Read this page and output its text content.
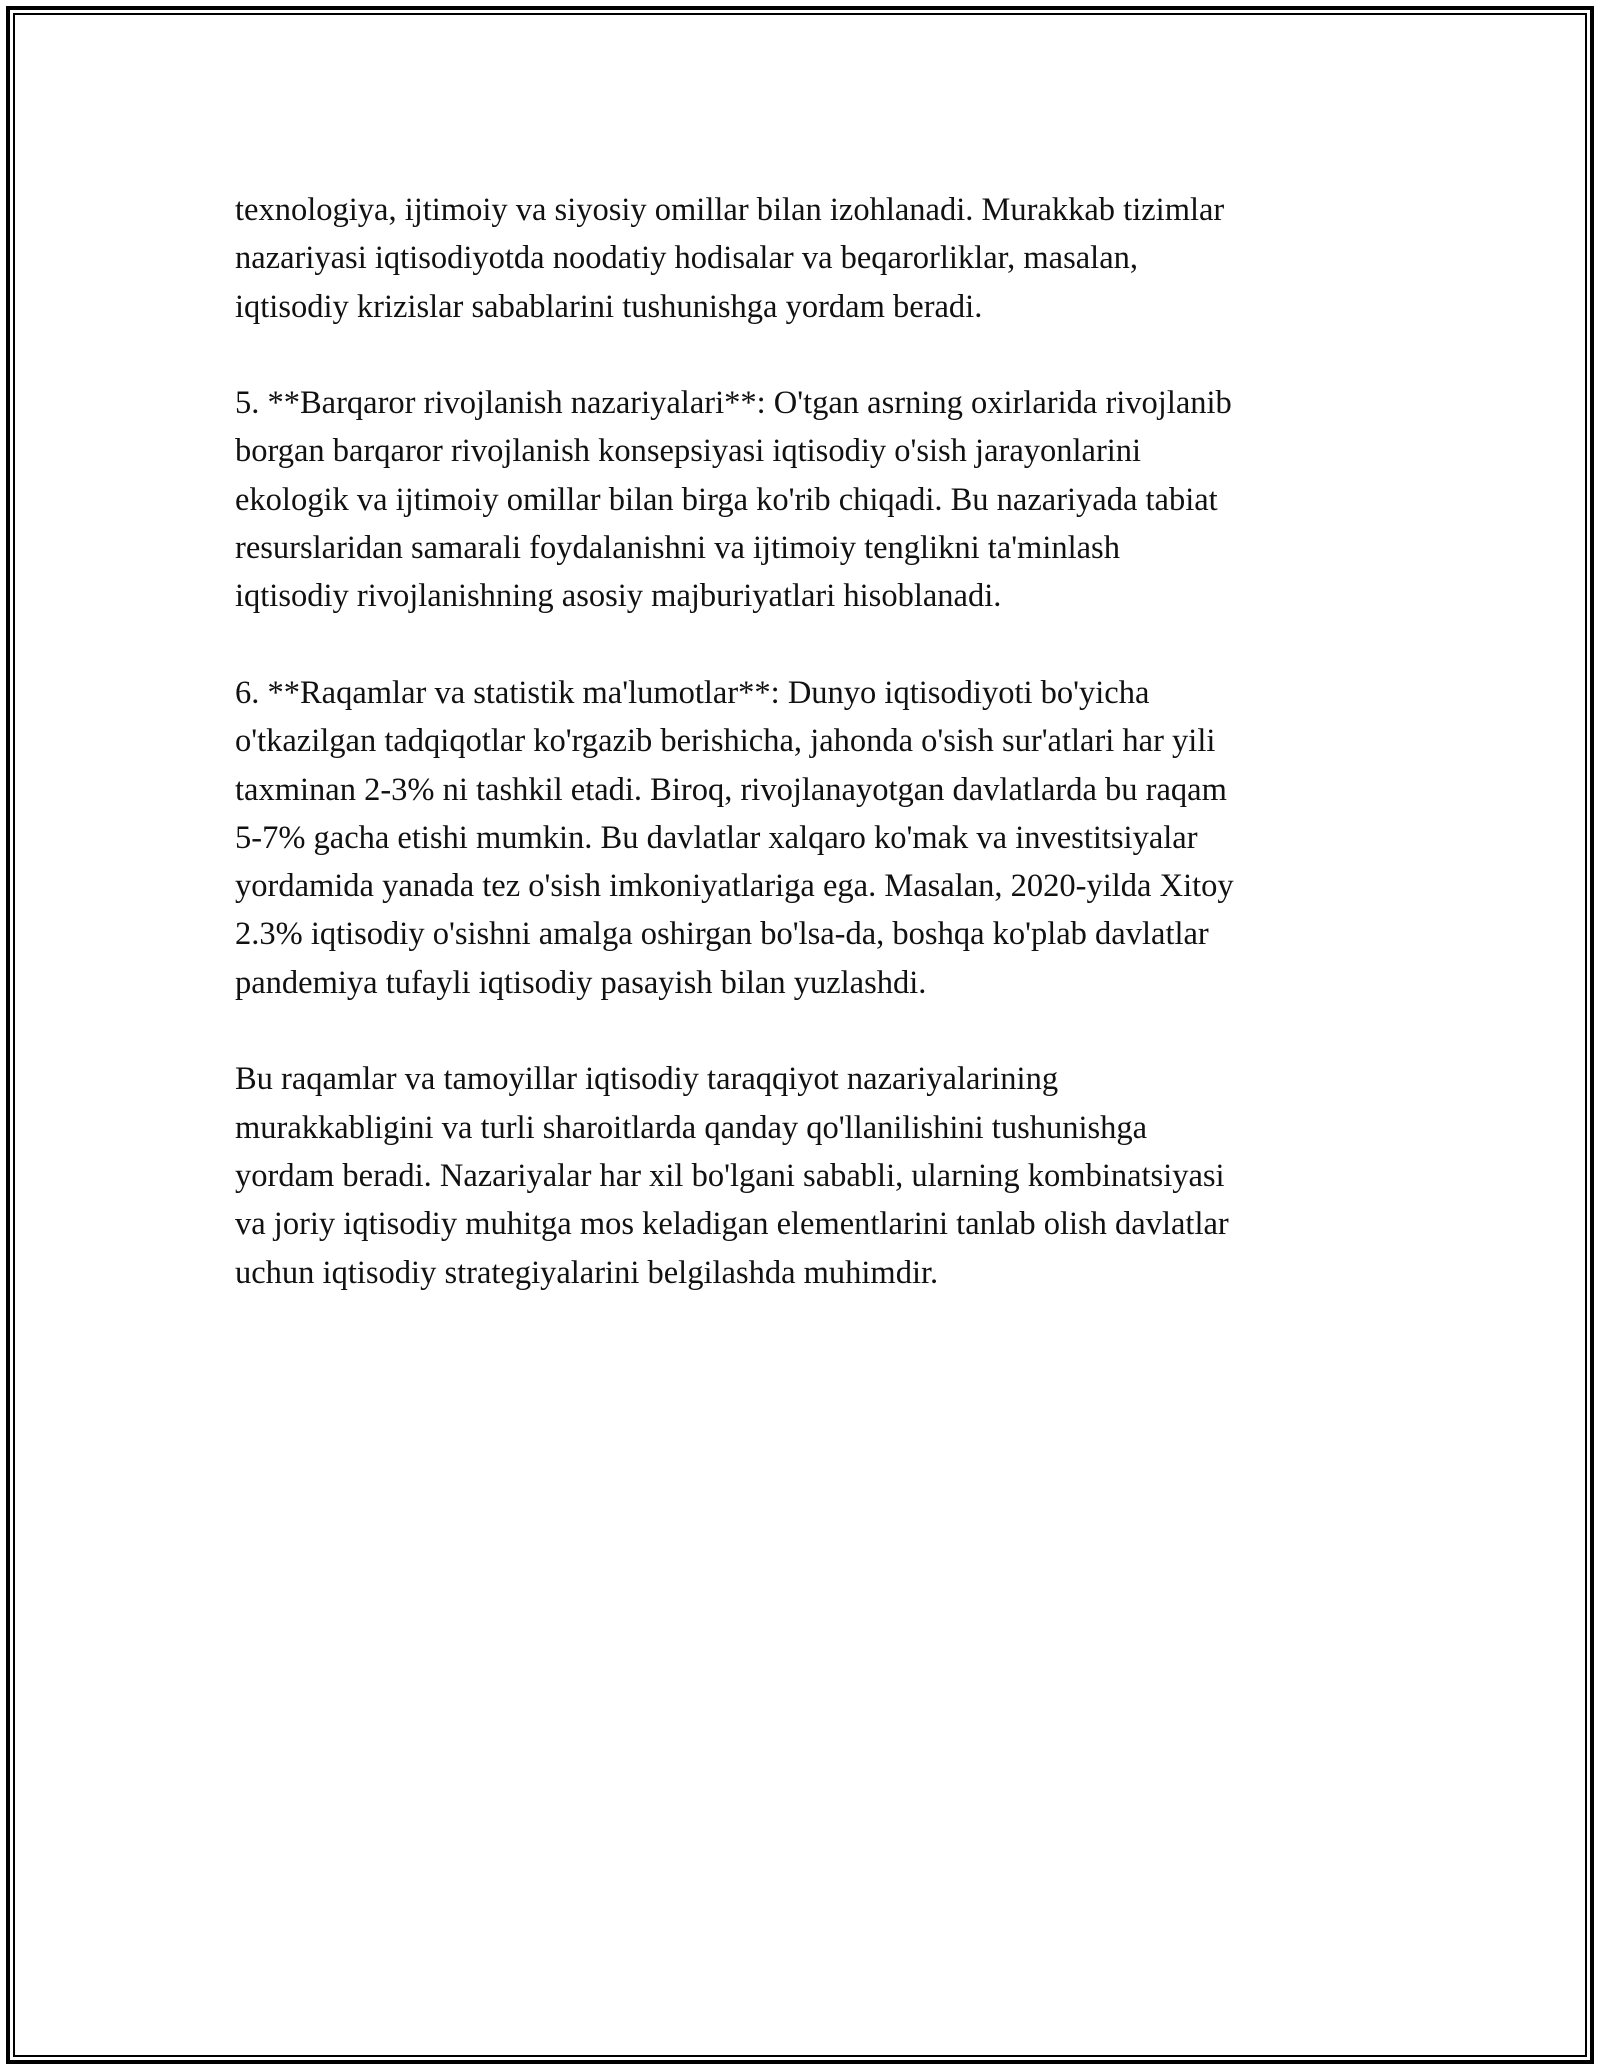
texnologiya, ijtimoiy va siyosiy omillar bilan izohlanadi. Murakkab tizimlar
nazariyasi iqtisodiyotda noodatiy hodisalar va beqarorliklar, masalan,
iqtisodiy krizislar sabablarini tushunishga yordam beradi.

5. **Barqaror rivojlanish nazariyalari**: O'tgan asrning oxirlarida rivojlanib
borgan barqaror rivojlanish konsepsiyasi iqtisodiy o'sish jarayonlarini
ekologik va ijtimoiy omillar bilan birga ko'rib chiqadi. Bu nazariyada tabiat
resurslaridan samarali foydalanishni va ijtimoiy tenglikni ta'minlash
iqtisodiy rivojlanishning asosiy majburiyatlari hisoblanadi.

6. **Raqamlar va statistik ma'lumotlar**: Dunyo iqtisodiyoti bo'yicha
o'tkazilgan tadqiqotlar ko'rgazib berishicha, jahonda o'sish sur'atlari har yili
taxminan 2-3% ni tashkil etadi. Biroq, rivojlanayotgan davlatlarda bu raqam
5-7% gacha etishi mumkin. Bu davlatlar xalqaro ko'mak va investitsiyalar
yordamida yanada tez o'sish imkoniyatlariga ega. Masalan, 2020-yilda Xitoy
2.3% iqtisodiy o'sishni amalga oshirgan bo'lsa-da, boshqa ko'plab davlatlar
pandemiya tufayli iqtisodiy pasayish bilan yuzlashdi.

Bu raqamlar va tamoyillar iqtisodiy taraqqiyot nazariyalarining
murakkabligini va turli sharoitlarda qanday qo'llanilishini tushunishga
yordam beradi. Nazariyalar har xil bo'lgani sababli, ularning kombinatsiyasi
va joriy iqtisodiy muhitga mos keladigan elementlarini tanlab olish davlatlar
uchun iqtisodiy strategiyalarini belgilashda muhimdir.
